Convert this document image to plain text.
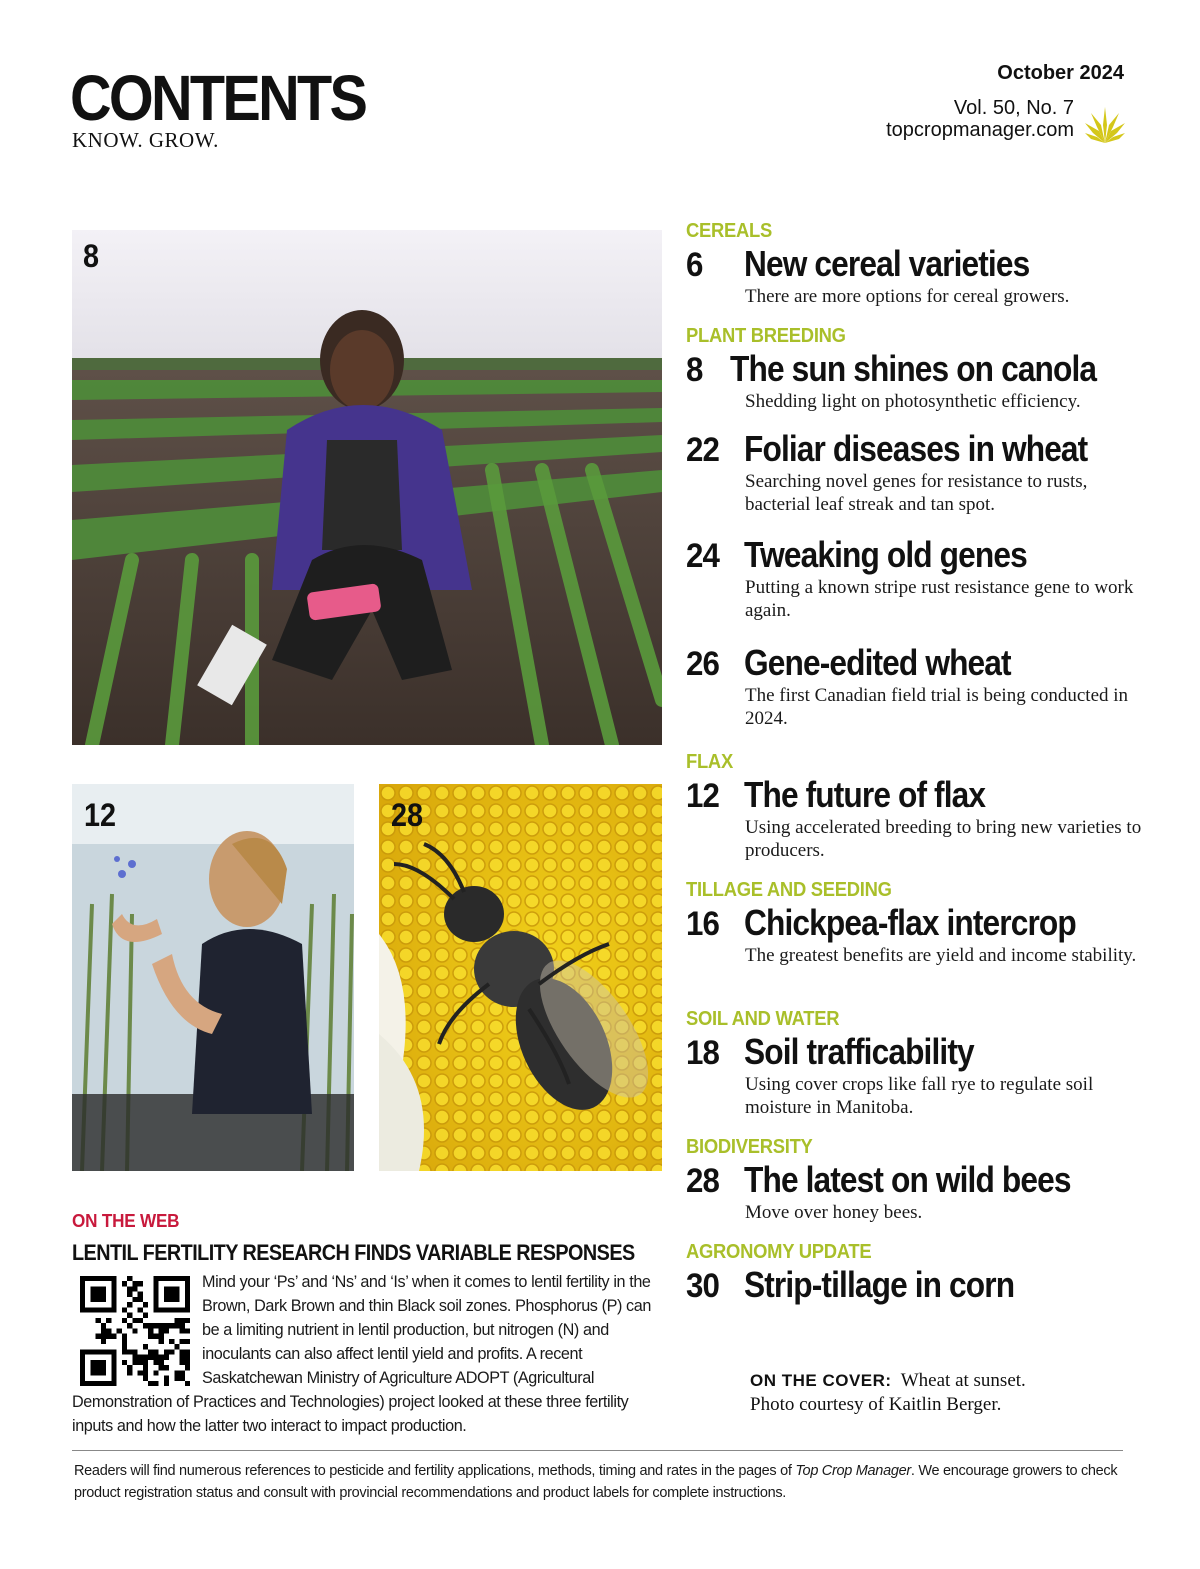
CONTENTS
KNOW. GROW.
October 2024
Vol. 50, No. 7
topcropmanager.com
8
12	28
CEREALS
6	New cereal varieties
There are more options for cereal growers.
PLANT BREEDING
8 The sun shines on canola
Shedding light on photosynthetic efficiency.
22 Foliar diseases in wheat
Searching novel genes for resistance to rusts, bacterial leaf streak and tan spot.
24 Tweaking old genes
Putting a known stripe rust resistance gene to work again.
26 Gene-edited wheat
The first Canadian field trial is being conducted in 2024.
FLAX
12 The future of flax
Using accelerated breeding to bring new varieties to producers.
TILLAGE AND SEEDING
16 Chickpea-flax intercrop
The greatest benefits are yield and income stability.
SOIL AND WATER
18 Soil trafficability
Using cover crops like fall rye to regulate soil moisture in Manitoba.
BIODIVERSITY
28 The latest on wild bees
Move over honey bees.
AGRONOMY UPDATE
30 Strip-tillage in corn
ON THE COVER: Wheat at sunset.
Photo courtesy of Kaitlin Berger.
ON THE WEB
LENTIL FERTILITY RESEARCH FINDS VARIABLE RESPONSES
Mind your ‘Ps’ and ‘Ns’ and ‘Is’ when it comes to lentil fertility in the Brown, Dark Brown and thin Black soil zones. Phosphorus (P) can be a limiting nutrient in lentil production, but nitrogen (N) and inoculants can also affect lentil yield and profits. A recent Saskatchewan Ministry of Agriculture ADOPT (Agricultural Demonstration of Practices and Technologies) project looked at these three fertility inputs and how the latter two interact to impact production.
Readers will find numerous references to pesticide and fertility applications, methods, timing and rates in the pages of Top Crop Manager. We encourage growers to check product registration status and consult with provincial recommendations and product labels for complete instructions.
